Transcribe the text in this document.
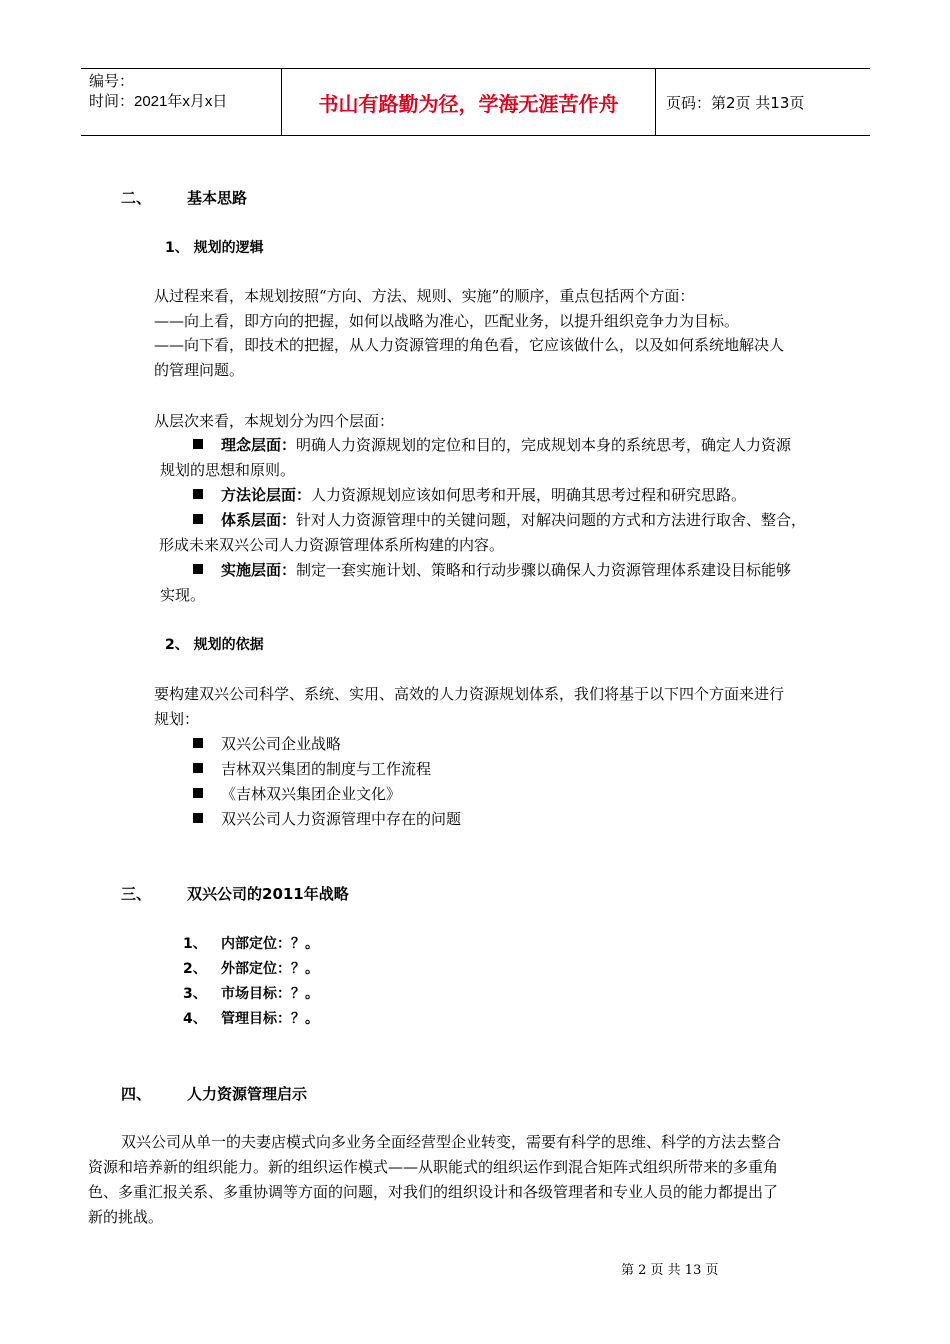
编号：
时间：2021年x月x日	书山有路勤为径，学海无涯苦作舟	页码：第2页 共13页
二、 基本思路
1、 规划的逻辑
从过程来看，本规划按照“方向、方法、规则、实施”的顺序，重点包括两个方面：
——向上看，即方向的把握，如何以战略为准心，匹配业务，以提升组织竞争力为目标。
——向下看，即技术的把握，从人力资源管理的角色看，它应该做什么，以及如何系统地解决人
的管理问题。
从层次来看，本规划分为四个层面：
理念层面：明确人力资源规划的定位和目的，完成规划本身的系统思考，确定人力资源
规划的思想和原则。
方法论层面：人力资源规划应该如何思考和开展，明确其思考过程和研究思路。
体系层面：针对人力资源管理中的关键问题，对解决问题的方式和方法进行取舍、整合，
形成未来双兴公司人力资源管理体系所构建的内容。
实施层面：制定一套实施计划、策略和行动步骤以确保人力资源管理体系建设目标能够
实现。
2、 规划的依据
要构建双兴公司科学、系统、实用、高效的人力资源规划体系，我们将基于以下四个方面来进行
规划：
双兴公司企业战略
吉林双兴集团的制度与工作流程
《吉林双兴集团企业文化》
双兴公司人力资源管理中存在的问题
三、 双兴公司的2011年战略
1、 内部定位：？。
2、 外部定位：？。
3、 市场目标：？。
4、 管理目标：？。
四、 人力资源管理启示
双兴公司从单一的夫妻店模式向多业务全面经营型企业转变，需要有科学的思维、科学的方法去整合
资源和培养新的组织能力。新的组织运作模式——从职能式的组织运作到混合矩阵式组织所带来的多重角
色、多重汇报关系、多重协调等方面的问题，对我们的组织设计和各级管理者和专业人员的能力都提出了
新的挑战。
第 2 页 共 13 页
